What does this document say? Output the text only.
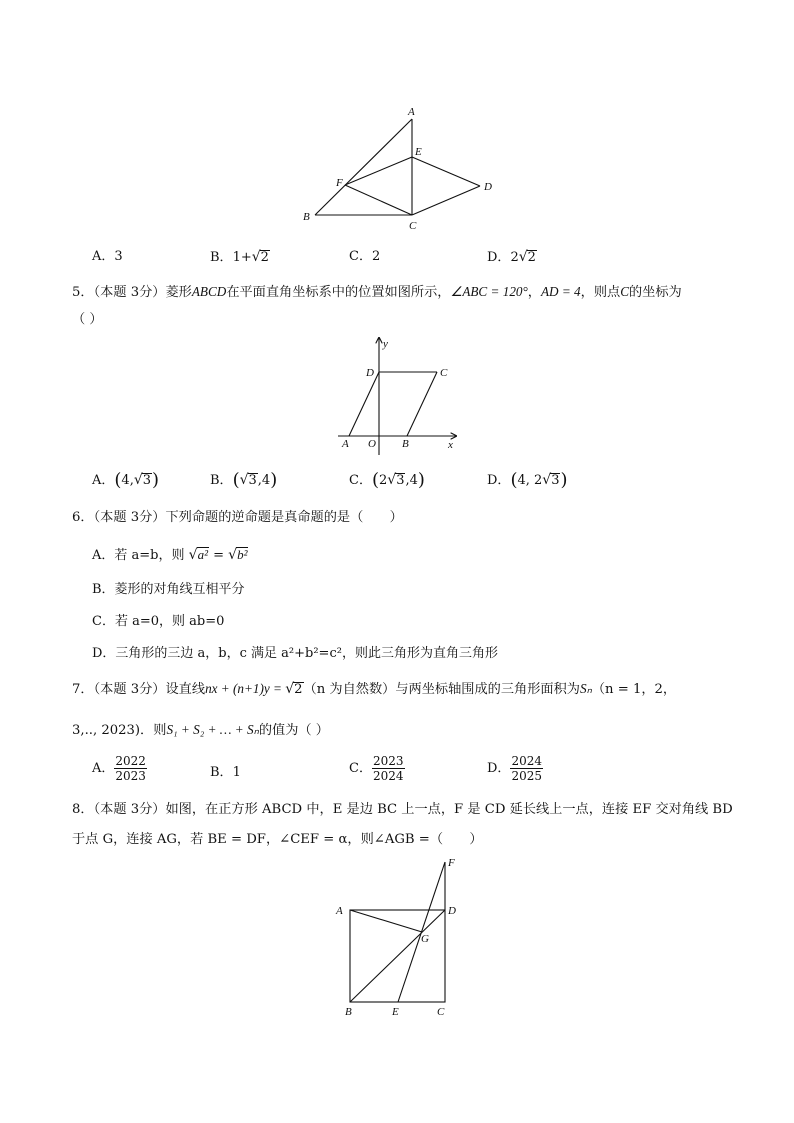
A
E
F	D
B
C
A．3	B．1+√2	C．2	D．2√2
5．（本题 3分）菱形ABCD在平面直角坐标系中的位置如图所示，∠ABC = 120°，AD = 4，则点C的坐标为
（ ）
y
D	C
A O B	x
A．(4,√3)	B．(√3,4)	C．(2√3,4)	D．(4, 2√3)
6．（本题 3分）下列命题的逆命题是真命题的是（　　）
A．若 a=b，则 √a² = √b²
B．菱形的对角线互相平分
C．若 a=0，则 ab=0
D．三角形的三边 a，b，c 满足 a²+b²=c²，则此三角形为直角三角形
7．（本题 3分）设直线nx + (n+1)y = √2（n 为自然数）与两坐标轴围成的三角形面积为Sₙ（n = 1，2，
3,.., 2023)．则S₁ + S₂ + … + Sₙ的值为（ ）
A． $\frac{2022}{2023}$	B．1	C． $\frac{2023}{2024}$	D． $\frac{2024}{2025}$
8．（本题 3分）如图，在正方形 ABCD 中，E 是边 BC 上一点，F 是 CD 延长线上一点，连接 EF 交对角线 BD
于点 G，连接 AG，若 BE = DF，∠CEF = α，则∠AGB =（　　）
F
A	D
G
B	E	C
